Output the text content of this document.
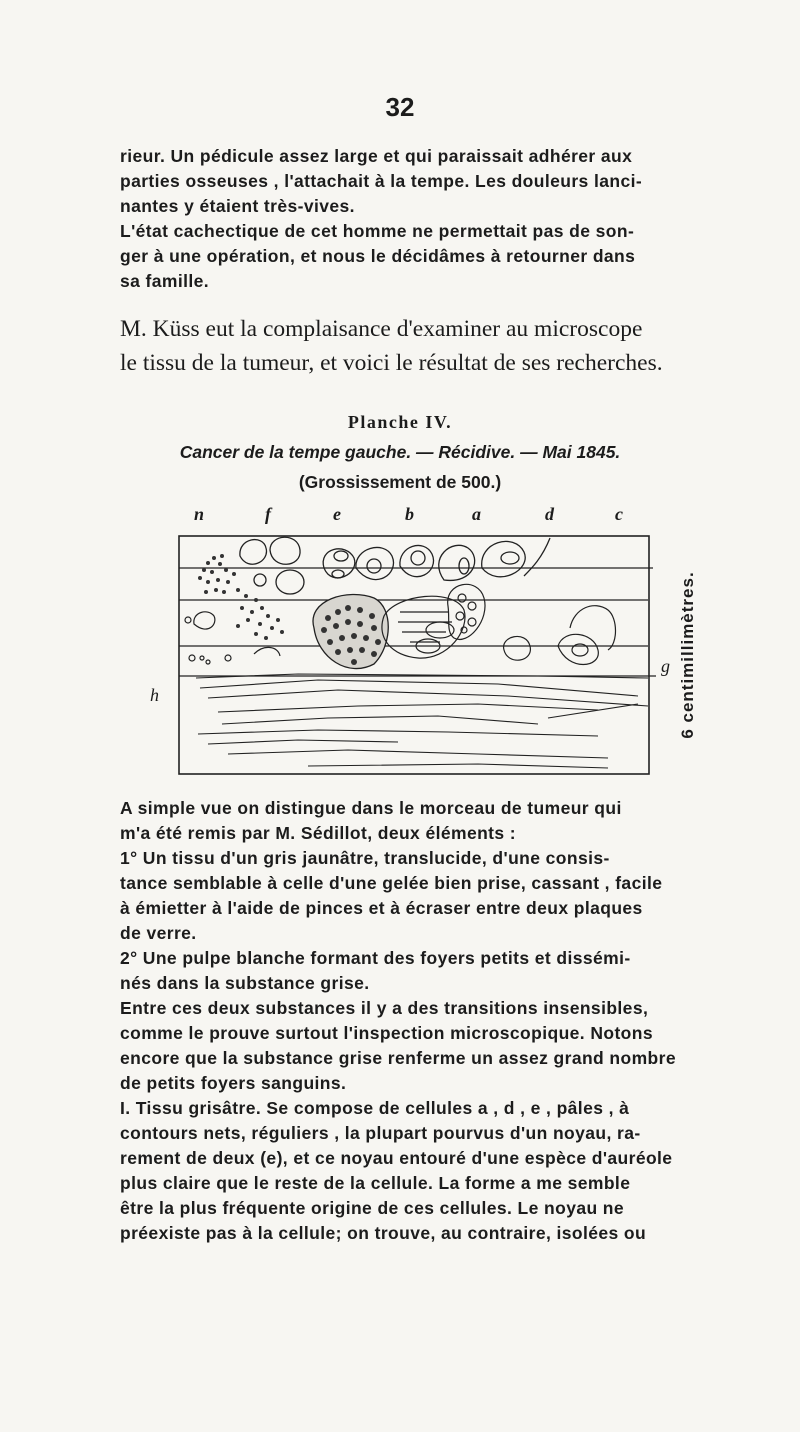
32
rieur. Un pédicule assez large et qui paraissait adhérer aux
parties osseuses , l'attachait à la tempe. Les douleurs lanci-
nantes y étaient très-vives.
L'état cachectique de cet homme ne permettait pas de son-
ger à une opération, et nous le décidâmes à retourner dans
sa famille.
M. Küss eut la complaisance d'examiner au microscope
le tissu de la tumeur, et voici le résultat de ses recherches.
Planche IV.
Cancer de la tempe gauche. — Récidive. — Mai 1845.
(Grossissement de 500.)
n	f	e	b	a	d	c
h
g 6 centimillimètres.
A simple vue on distingue dans le morceau de tumeur qui
m'a été remis par M. Sédillot, deux éléments :
1° Un tissu d'un gris jaunâtre, translucide, d'une consis-
tance semblable à celle d'une gelée bien prise, cassant , facile
à émietter à l'aide de pinces et à écraser entre deux plaques
de verre.
2° Une pulpe blanche formant des foyers petits et dissémi-
nés dans la substance grise.
Entre ces deux substances il y a des transitions insensibles,
comme le prouve surtout l'inspection microscopique. Notons
encore que la substance grise renferme un assez grand nombre
de petits foyers sanguins.
I. Tissu grisâtre. Se compose de cellules a , d , e , pâles , à
contours nets, réguliers , la plupart pourvus d'un noyau, ra-
rement de deux (e), et ce noyau entouré d'une espèce d'auréole
plus claire que le reste de la cellule. La forme a me semble
être la plus fréquente origine de ces cellules. Le noyau ne
préexiste pas à la cellule; on trouve, au contraire, isolées ou
